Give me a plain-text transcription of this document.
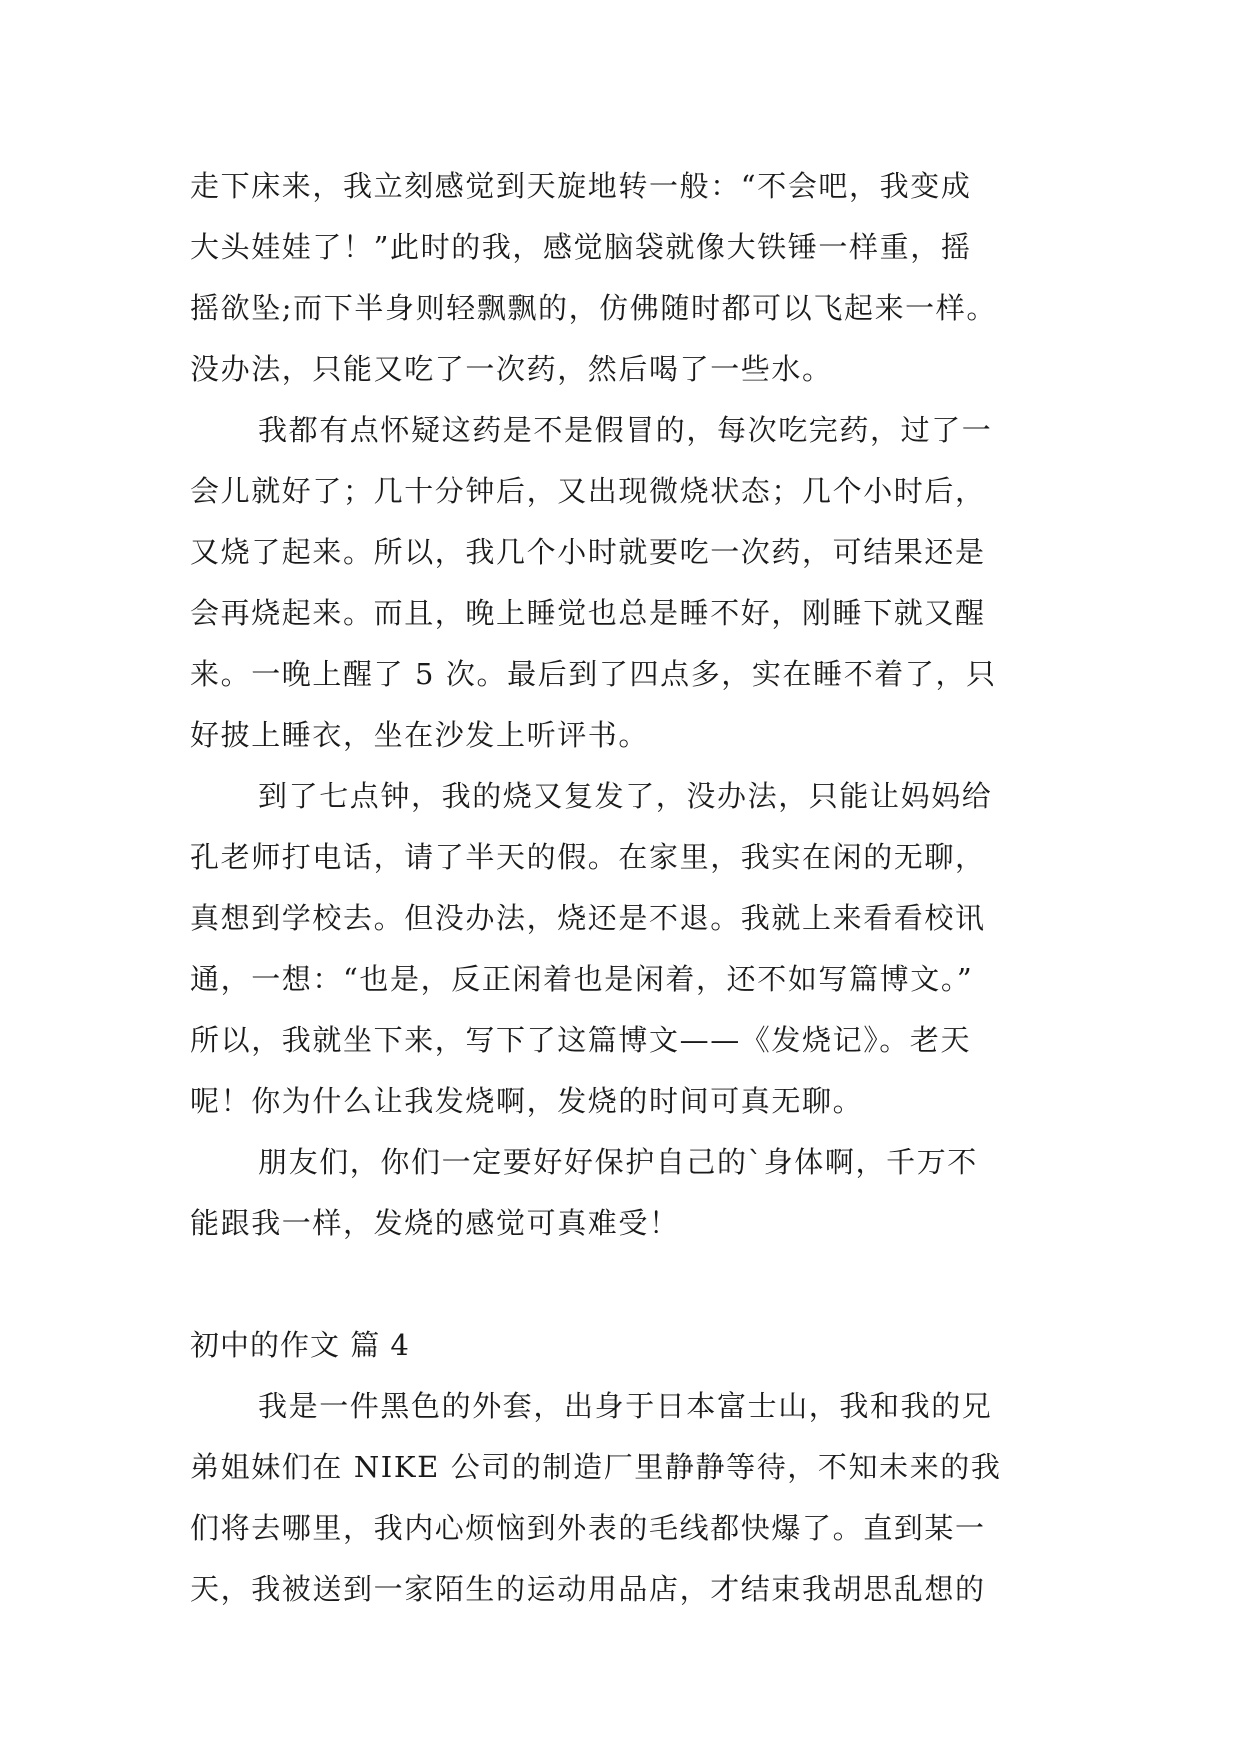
走下床来，我立刻感觉到天旋地转一般：“不会吧，我变成
大头娃娃了！”此时的我，感觉脑袋就像大铁锤一样重，摇
摇欲坠;而下半身则轻飘飘的，仿佛随时都可以飞起来一样。
没办法，只能又吃了一次药，然后喝了一些水。
我都有点怀疑这药是不是假冒的，每次吃完药，过了一
会儿就好了；几十分钟后，又出现微烧状态；几个小时后，
又烧了起来。所以，我几个小时就要吃一次药，可结果还是
会再烧起来。而且，晚上睡觉也总是睡不好，刚睡下就又醒
来。一晚上醒了 5 次。最后到了四点多，实在睡不着了，只
好披上睡衣，坐在沙发上听评书。
到了七点钟，我的烧又复发了，没办法，只能让妈妈给
孔老师打电话，请了半天的假。在家里，我实在闲的无聊，
真想到学校去。但没办法，烧还是不退。我就上来看看校讯
通，一想：“也是，反正闲着也是闲着，还不如写篇博文。”
所以，我就坐下来，写下了这篇博文——《发烧记》。老天
呢！你为什么让我发烧啊，发烧的时间可真无聊。
朋友们，你们一定要好好保护自己的`身体啊，千万不
能跟我一样，发烧的感觉可真难受！
初中的作文 篇 4
我是一件黑色的外套，出身于日本富士山，我和我的兄
弟姐妹们在 NIKE 公司的制造厂里静静等待，不知未来的我
们将去哪里，我内心烦恼到外表的毛线都快爆了。直到某一
天，我被送到一家陌生的运动用品店，才结束我胡思乱想的
